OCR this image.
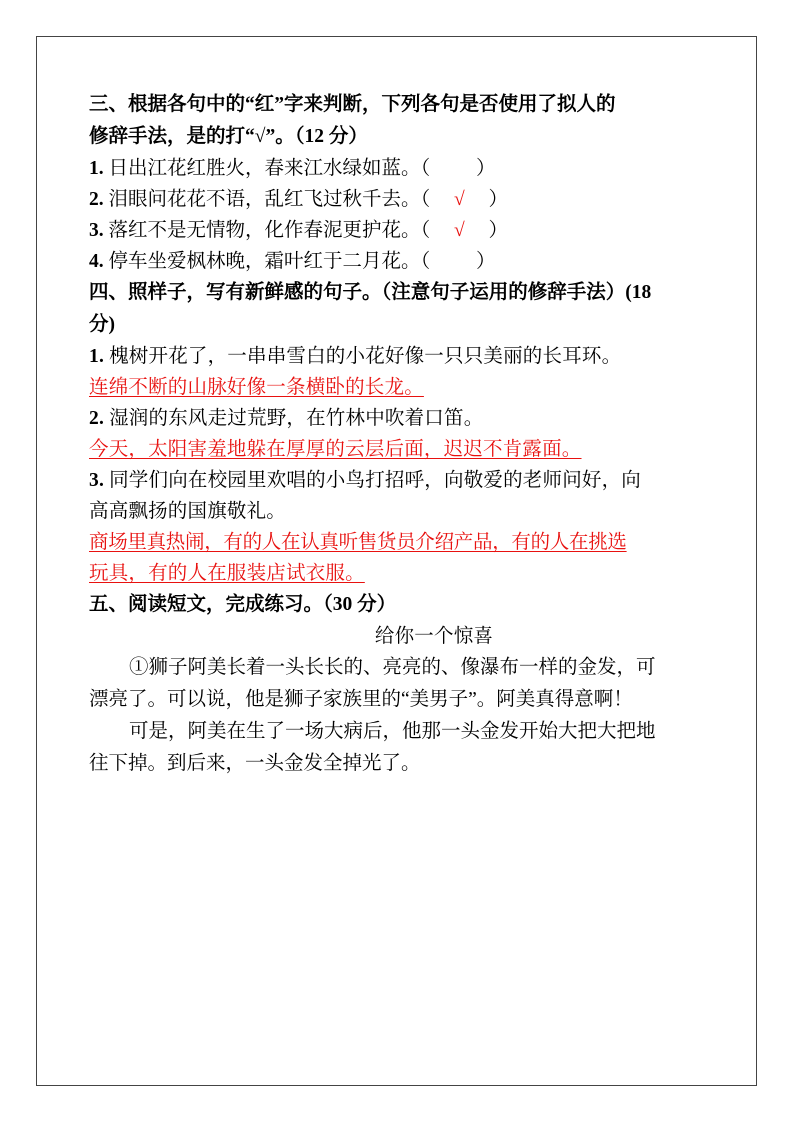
三、根据各句中的“红”字来判断，下列各句是否使用了拟人的
修辞手法，是的打“√”。（12 分）
1. 日出江花红胜火，春来江水绿如蓝。（ ）
2. 泪眼问花花不语，乱红飞过秋千去。（ √ ）
3. 落红不是无情物，化作春泥更护花。（ √ ）
4. 停车坐爱枫林晚，霜叶红于二月花。（ ）
四、照样子，写有新鲜感的句子。（注意句子运用的修辞手法）(18
分)
1. 槐树开花了，一串串雪白的小花好像一只只美丽的长耳环。
连绵不断的山脉好像一条横卧的长龙。
2. 湿润的东风走过荒野，在竹林中吹着口笛。
今天，太阳害羞地躲在厚厚的云层后面，迟迟不肯露面。
3. 同学们向在校园里欢唱的小鸟打招呼，向敬爱的老师问好，向
高高飘扬的国旗敬礼。
商场里真热闹，有的人在认真听售货员介绍产品，有的人在挑选
玩具，有的人在服装店试衣服。
五、阅读短文，完成练习。（30 分）
给你一个惊喜
①狮子阿美长着一头长长的、亮亮的、像瀑布一样的金发，可
漂亮了。可以说，他是狮子家族里的“美男子”。阿美真得意啊！
可是，阿美在生了一场大病后，他那一头金发开始大把大把地
往下掉。到后来，一头金发全掉光了。
